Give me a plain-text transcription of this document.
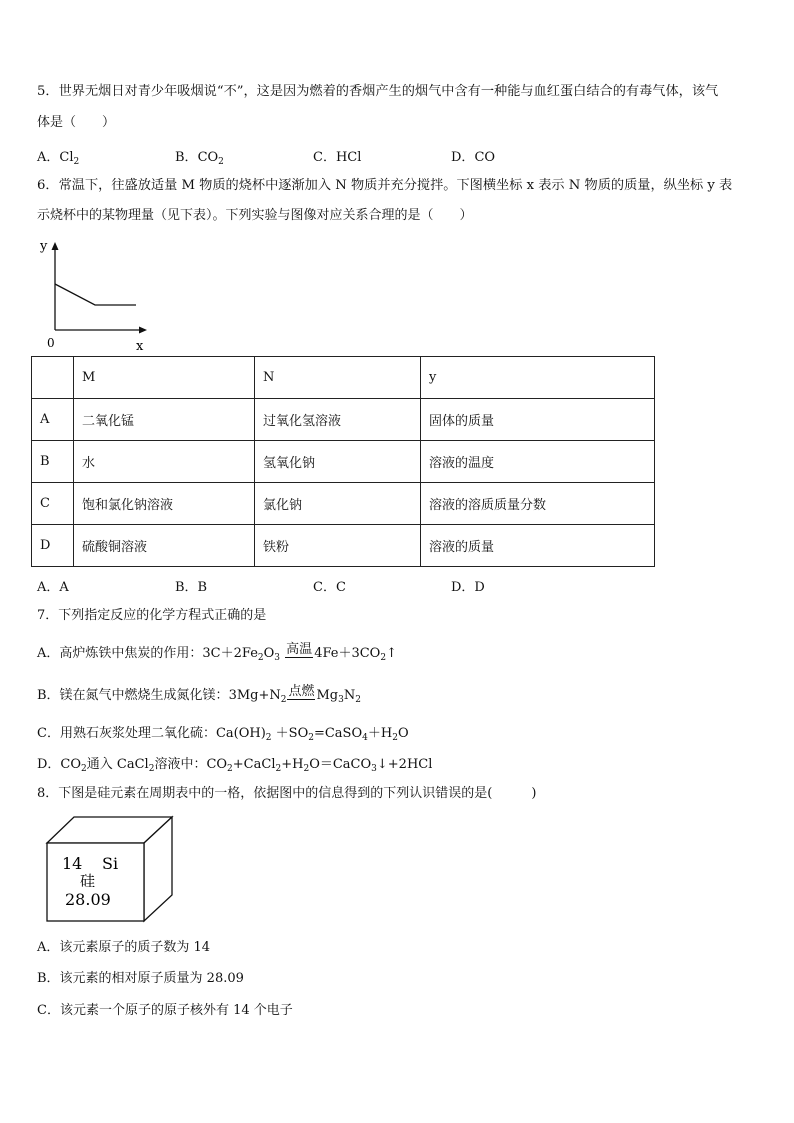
5．世界无烟日对青少年吸烟说“不”，这是因为燃着的香烟产生的烟气中含有一种能与血红蛋白结合的有毒气体，该气
体是（　　）
A．$Cl_2$	B．$CO_2$	C．HCl	D．CO
6．常温下，往盛放适量 M 物质的烧杯中逐渐加入 N 物质并充分搅拌。下图横坐标 x 表示 N 物质的质量，纵坐标 y 表
示烧杯中的某物理量（见下表）。下列实验与图像对应关系合理的是（　　）
y
0	x
	M	N	y
A	二氧化锰	过氧化氢溶液	固体的质量
B	水	氢氧化钠	溶液的温度
C	饱和氯化钠溶液	氯化钠	溶液的溶质质量分数
D	硫酸铜溶液	铁粉	溶液的质量
A．A	B．B	C．C	D．D
7．下列指定反应的化学方程式正确的是
A．高炉炼铁中焦炭的作用：$3C+2Fe_2O_3$
高温 $4Fe+3CO_2↑$
B．镁在氮气中燃烧生成氮化镁：$3Mg+N_2$
点燃 $Mg_3N_2$
C．用熟石灰浆处理二氧化硫：$Ca(OH)_2$ $+SO_2=CaSO_4+H_2O$
D．$CO_2$通入 CaCl$_2$溶液中：$CO_2+CaCl_2+H_2O=CaCO_3↓+2HCl$
8．下图是硅元素在周期表中的一格，依据图中的信息得到的下列认识错误的是(　　　)
14 Si
硅
28.09
A．该元素原子的质子数为 14
B．该元素的相对原子质量为 28.09
C．该元素一个原子的原子核外有 14 个电子
